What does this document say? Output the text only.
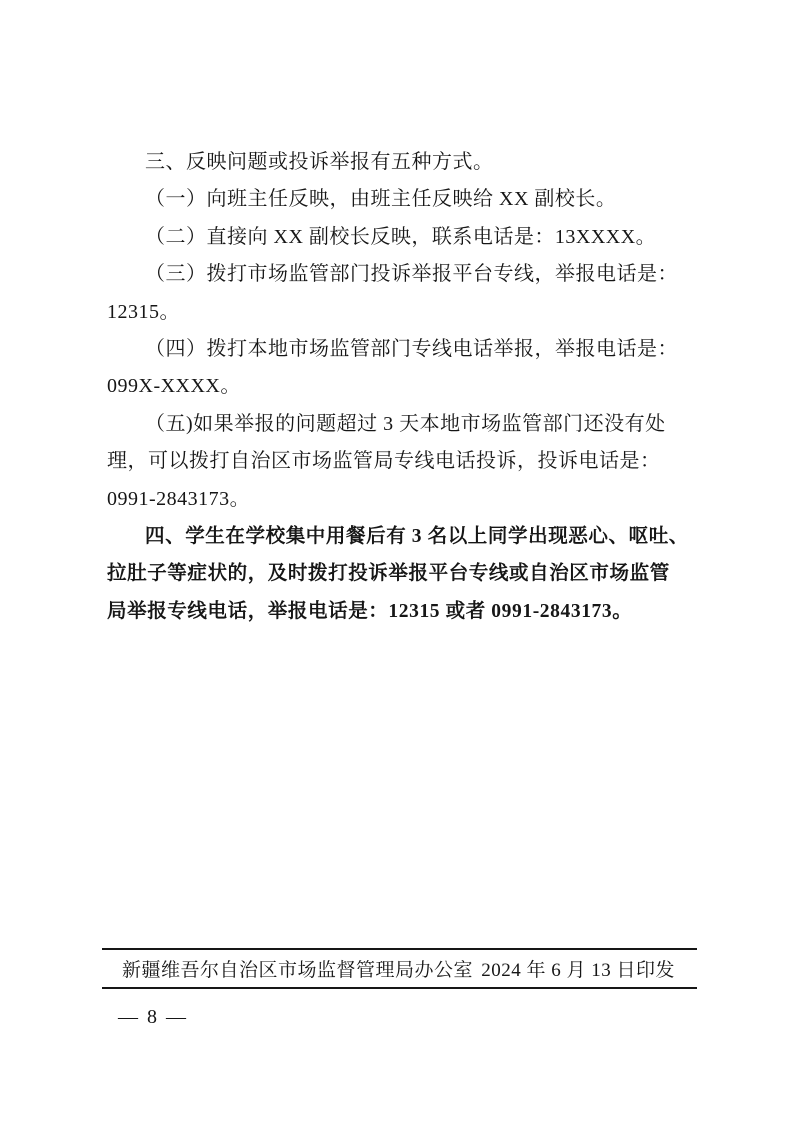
三、反映问题或投诉举报有五种方式。
（一）向班主任反映，由班主任反映给 XX 副校长。
（二）直接向 XX 副校长反映，联系电话是：13XXXX。
（三）拨打市场监管部门投诉举报平台专线，举报电话是：
12315。
（四）拨打本地市场监管部门专线电话举报，举报电话是：
099X-XXXX。
（五)如果举报的问题超过 3 天本地市场监管部门还没有处
理，可以拨打自治区市场监管局专线电话投诉，投诉电话是：
0991-2843173。
四、学生在学校集中用餐后有 3 名以上同学出现恶心、呕吐、
拉肚子等症状的，及时拨打投诉举报平台专线或自治区市场监管
局举报专线电话，举报电话是：12315 或者 0991-2843173。
新疆维吾尔自治区市场监督管理局办公室 2024 年 6 月 13 日印发
— 8 —
